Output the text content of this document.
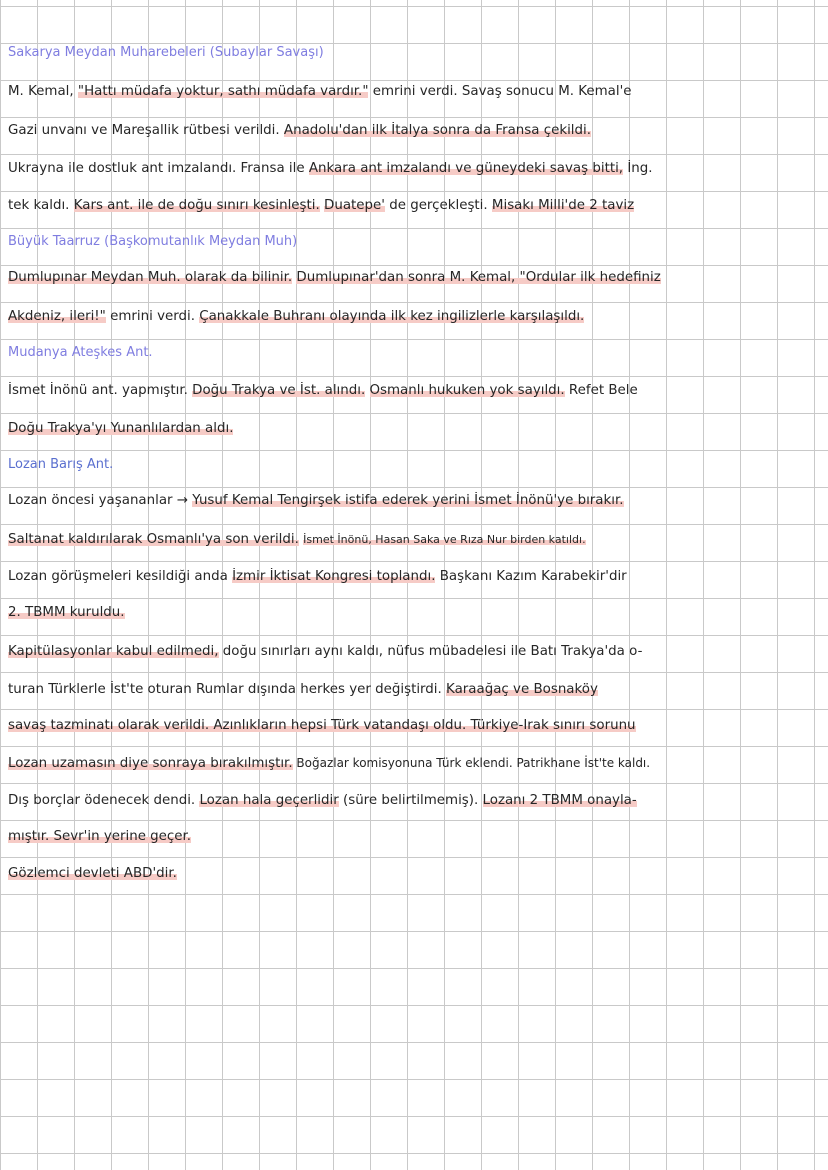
Sakarya Meydan Muharebeleri (Subaylar Savaşı)
M. Kemal, "Hattı müdafa yoktur, sathı müdafa vardır." emrini verdi. Savaş sonucu M. Kemal'e
Gazi unvanı ve Mareşallik rütbesi verildi. Anadolu'dan ilk İtalya sonra da Fransa çekildi.
Ukrayna ile dostluk ant imzalandı. Fransa ile Ankara ant imzalandı ve güneydeki savaş bitti, İng.
tek kaldı. Kars ant. ile de doğu sınırı kesinleşti. Duatepe' de gerçekleşti. Misakı Milli'de 2 taviz
Büyük Taarruz (Başkomutanlık Meydan Muh)
Dumlupınar Meydan Muh. olarak da bilinir. Dumlupınar'dan sonra M. Kemal, "Ordular ilk hedefiniz
Akdeniz, ileri!" emrini verdi. Çanakkale Buhranı olayında ilk kez ingilizlerle karşılaşıldı.
Mudanya Ateşkes Ant.
İsmet İnönü ant. yapmıştır. Doğu Trakya ve İst. alındı. Osmanlı hukuken yok sayıldı. Refet Bele
Doğu Trakya'yı Yunanlılardan aldı.
Lozan Barış Ant.
Lozan öncesi yaşananlar → Yusuf Kemal Tengirşek istifa ederek yerini İsmet İnönü'ye bırakır.
Saltanat kaldırılarak Osmanlı'ya son verildi. İsmet İnönü, Hasan Saka ve Rıza Nur birden katıldı.
Lozan görüşmeleri kesildiği anda İzmir İktisat Kongresi toplandı. Başkanı Kazım Karabekir'dir
2. TBMM kuruldu.
Kapitülasyonlar kabul edilmedi, doğu sınırları aynı kaldı, nüfus mübadelesi ile Batı Trakya'da o-
turan Türklerle İst'te oturan Rumlar dışında herkes yer değiştirdi. Karaağaç ve Bosnaköy
savaş tazminatı olarak verildi. Azınlıkların hepsi Türk vatandaşı oldu. Türkiye-Irak sınırı sorunu
Lozan uzamasın diye sonraya bırakılmıştır. Boğazlar komisyonuna Türk eklendi. Patrikhane İst'te kaldı.
Dış borçlar ödenecek dendi. Lozan hala geçerlidir (süre belirtilmemiş). Lozanı 2 TBMM onayla-
mıştır. Sevr'in yerine geçer.
Gözlemci devleti ABD'dir.
